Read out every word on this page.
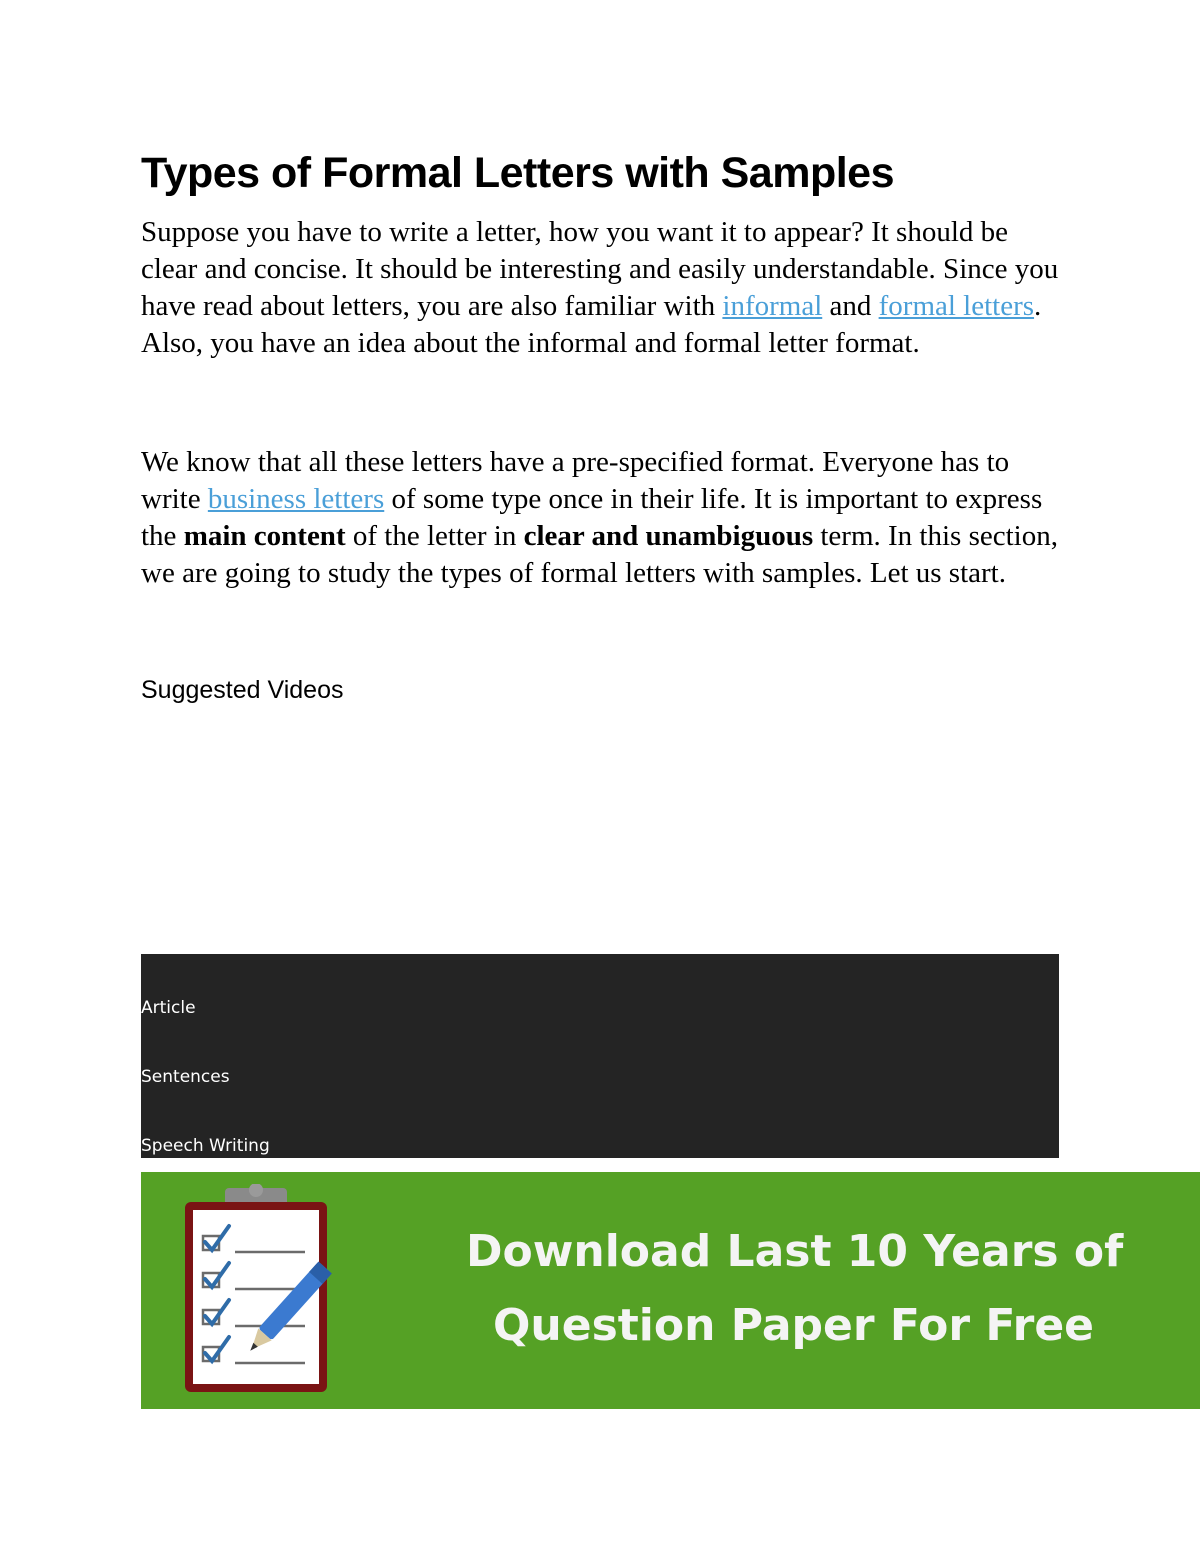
Types of Formal Letters with Samples

Suppose you have to write a letter, how you want it to appear? It should be clear and concise. It should be interesting and easily understandable. Since you have read about letters, you are also familiar with informal and formal letters. Also, you have an idea about the informal and formal letter format.

We know that all these letters have a pre-specified format. Everyone has to write business letters of some type once in their life. It is important to express the main content of the letter in clear and unambiguous term. In this section, we are going to study the types of formal letters with samples. Let us start.

Suggested Videos

Article
Sentences
Speech Writing
Download Last 10 Years of
Question Paper For Free
